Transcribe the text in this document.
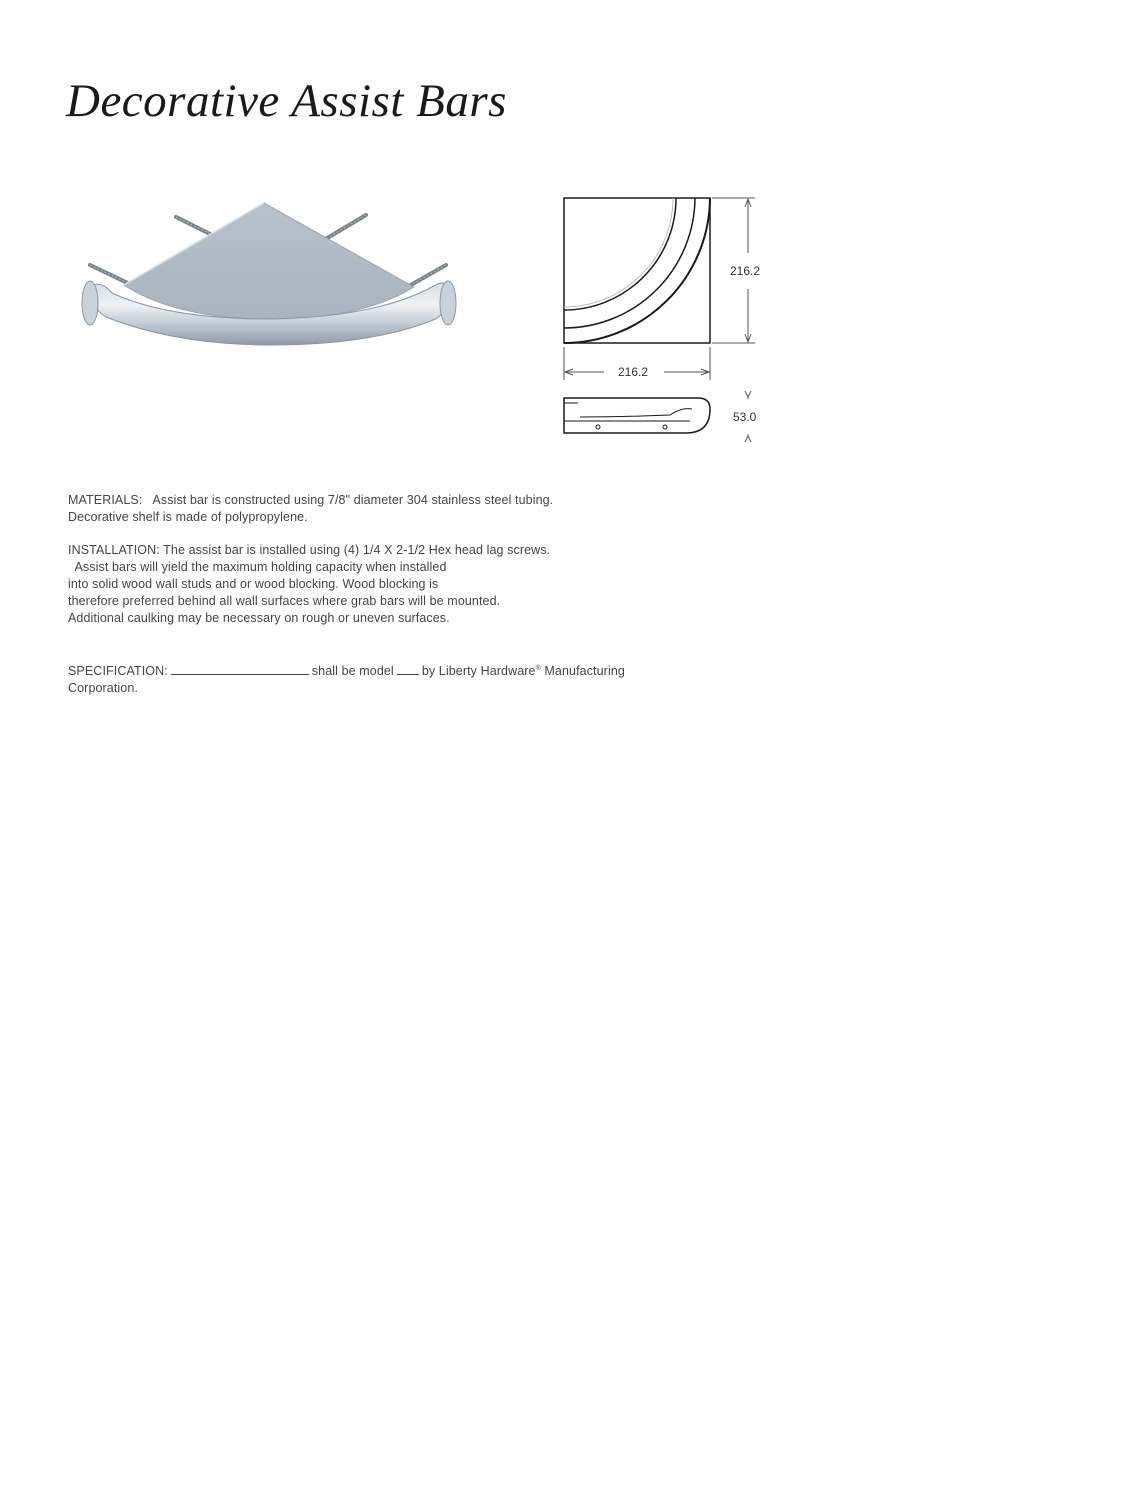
Decorative Assist Bars
216.2
216.2
53.0
MATERIALS:   Assist bar is constructed using 7/8" diameter 304 stainless steel tubing.
Decorative shelf is made of polypropylene.
INSTALLATION: The assist bar is installed using (4) 1/4 X 2-1/2 Hex head lag screws.
Assist bars will yield the maximum holding capacity when installed
into solid wood wall studs and or wood blocking. Wood blocking is
therefore preferred behind all wall surfaces where grab bars will be mounted.
Additional caulking may be necessary on rough or uneven surfaces.
SPECIFICATION:	shall be model by Liberty Hardware® Manufacturing
Corporation.
